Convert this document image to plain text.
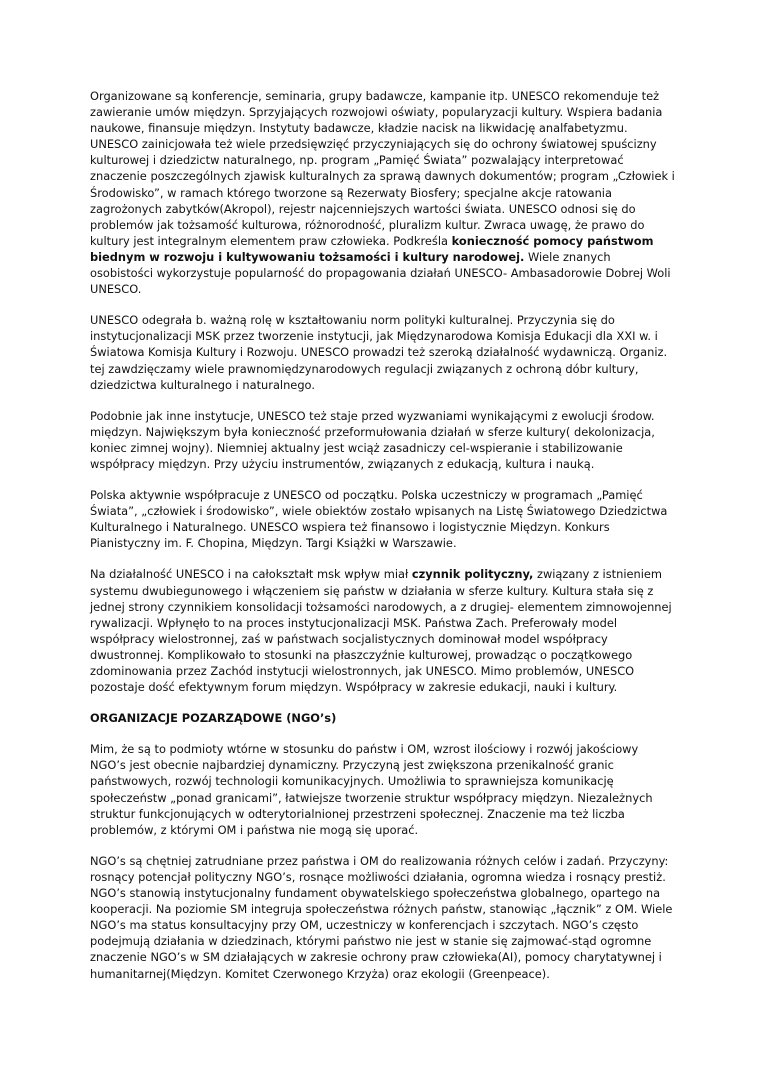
Organizowane są konferencje, seminaria, grupy badawcze, kampanie itp. UNESCO rekomenduje też zawieranie umów międzyn. Sprzyjających rozwojowi oświaty, popularyzacji kultury. Wspiera badania naukowe, finansuje międzyn. Instytuty badawcze, kładzie nacisk na likwidację analfabetyzmu. UNESCO zainicjowała też wiele przedsięwzięć przyczyniających się do ochrony światowej spuścizny kulturowej i dziedzictw naturalnego, np. program „Pamięć Świata” pozwalający interpretować znaczenie poszczególnych zjawisk kulturalnych za sprawą dawnych dokumentów; program „Człowiek i Środowisko”, w ramach którego tworzone są Rezerwaty Biosfery; specjalne akcje ratowania zagrożonych zabytków(Akropol), rejestr najcenniejszych wartości świata. UNESCO odnosi się do problemów jak tożsamość kulturowa, różnorodność, pluralizm kultur. Zwraca uwagę, że prawo do kultury jest integralnym elementem praw człowieka. Podkreśla konieczność pomocy państwom biednym w rozwoju i kultywowaniu tożsamości i kultury narodowej. Wiele znanych osobistości wykorzystuje popularność do propagowania działań UNESCO- Ambasadorowie Dobrej Woli UNESCO.

UNESCO odegrała b. ważną rolę w kształtowaniu norm polityki kulturalnej. Przyczynia się do instytucjonalizacji MSK przez tworzenie instytucji, jak Międzynarodowa Komisja Edukacji dla XXI w. i Światowa Komisja Kultury i Rozwoju. UNESCO prowadzi też szeroką działalność wydawniczą. Organiz. tej zawdzięczamy wiele prawnomiędzynarodowych regulacji związanych z ochroną dóbr kultury, dziedzictwa kulturalnego i naturalnego.

Podobnie jak inne instytucje, UNESCO też staje przed wyzwaniami wynikającymi z ewolucji środow. międzyn. Największym była konieczność przeformułowania działań w sferze kultury( dekolonizacja, koniec zimnej wojny). Niemniej aktualny jest wciąż zasadniczy cel-wspieranie i stabilizowanie współpracy międzyn. Przy użyciu instrumentów, związanych z edukacją, kultura i nauką.

Polska aktywnie współpracuje z UNESCO od początku. Polska uczestniczy w programach „Pamięć Świata”, „człowiek i środowisko”, wiele obiektów zostało wpisanych na Listę Światowego Dziedzictwa Kulturalnego i Naturalnego. UNESCO wspiera też finansowo i logistycznie Międzyn. Konkurs Pianistyczny im. F. Chopina, Międzyn. Targi Książki w Warszawie.

Na działalność UNESCO i na całokształt msk wpływ miał czynnik polityczny, związany z istnieniem systemu dwubiegunowego i włączeniem się państw w działania w sferze kultury. Kultura stała się z jednej strony czynnikiem konsolidacji tożsamości narodowych, a z drugiej- elementem zimnowojennej rywalizacji. Wpłynęło to na proces instytucjonalizacji MSK. Państwa Zach. Preferowały model współpracy wielostronnej, zaś w państwach socjalistycznych dominował model współpracy dwustronnej. Komplikowało to stosunki na płaszczyźnie kulturowej, prowadząc o początkowego zdominowania przez Zachód instytucji wielostronnych, jak UNESCO. Mimo problemów, UNESCO pozostaje dość efektywnym forum międzyn. Współpracy w zakresie edukacji, nauki i kultury.

ORGANIZACJE POZARZĄDOWE (NGO’s)

Mim, że są to podmioty wtórne w stosunku do państw i OM, wzrost ilościowy i rozwój jakościowy NGO’s jest obecnie najbardziej dynamiczny. Przyczyną jest zwiększona przenikalność granic państwowych, rozwój technologii komunikacyjnych. Umożliwia to sprawniejsza komunikację społeczeństw „ponad granicami”, łatwiejsze tworzenie struktur współpracy międzyn. Niezależnych struktur funkcjonujących w odterytorialnionej przestrzeni społecznej. Znaczenie ma też liczba problemów, z którymi OM i państwa nie mogą się uporać.

NGO’s są chętniej zatrudniane przez państwa i OM do realizowania różnych celów i zadań. Przyczyny: rosnący potencjał polityczny NGO’s, rosnące możliwości działania, ogromna wiedza i rosnący prestiż. NGO’s stanowią instytucjonalny fundament obywatelskiego społeczeństwa globalnego, opartego na kooperacji. Na poziomie SM integruja społeczeństwa różnych państw, stanowiąc „łącznik” z OM. Wiele NGO’s ma status konsultacyjny przy OM, uczestniczy w konferencjach i szczytach. NGO’s często podejmują działania w dziedzinach, którymi państwo nie jest w stanie się zajmować-stąd ogromne znaczenie NGO’s w SM działających w zakresie ochrony praw człowieka(AI), pomocy charytatywnej i humanitarnej(Międzyn. Komitet Czerwonego Krzyża) oraz ekologii (Greenpeace).
